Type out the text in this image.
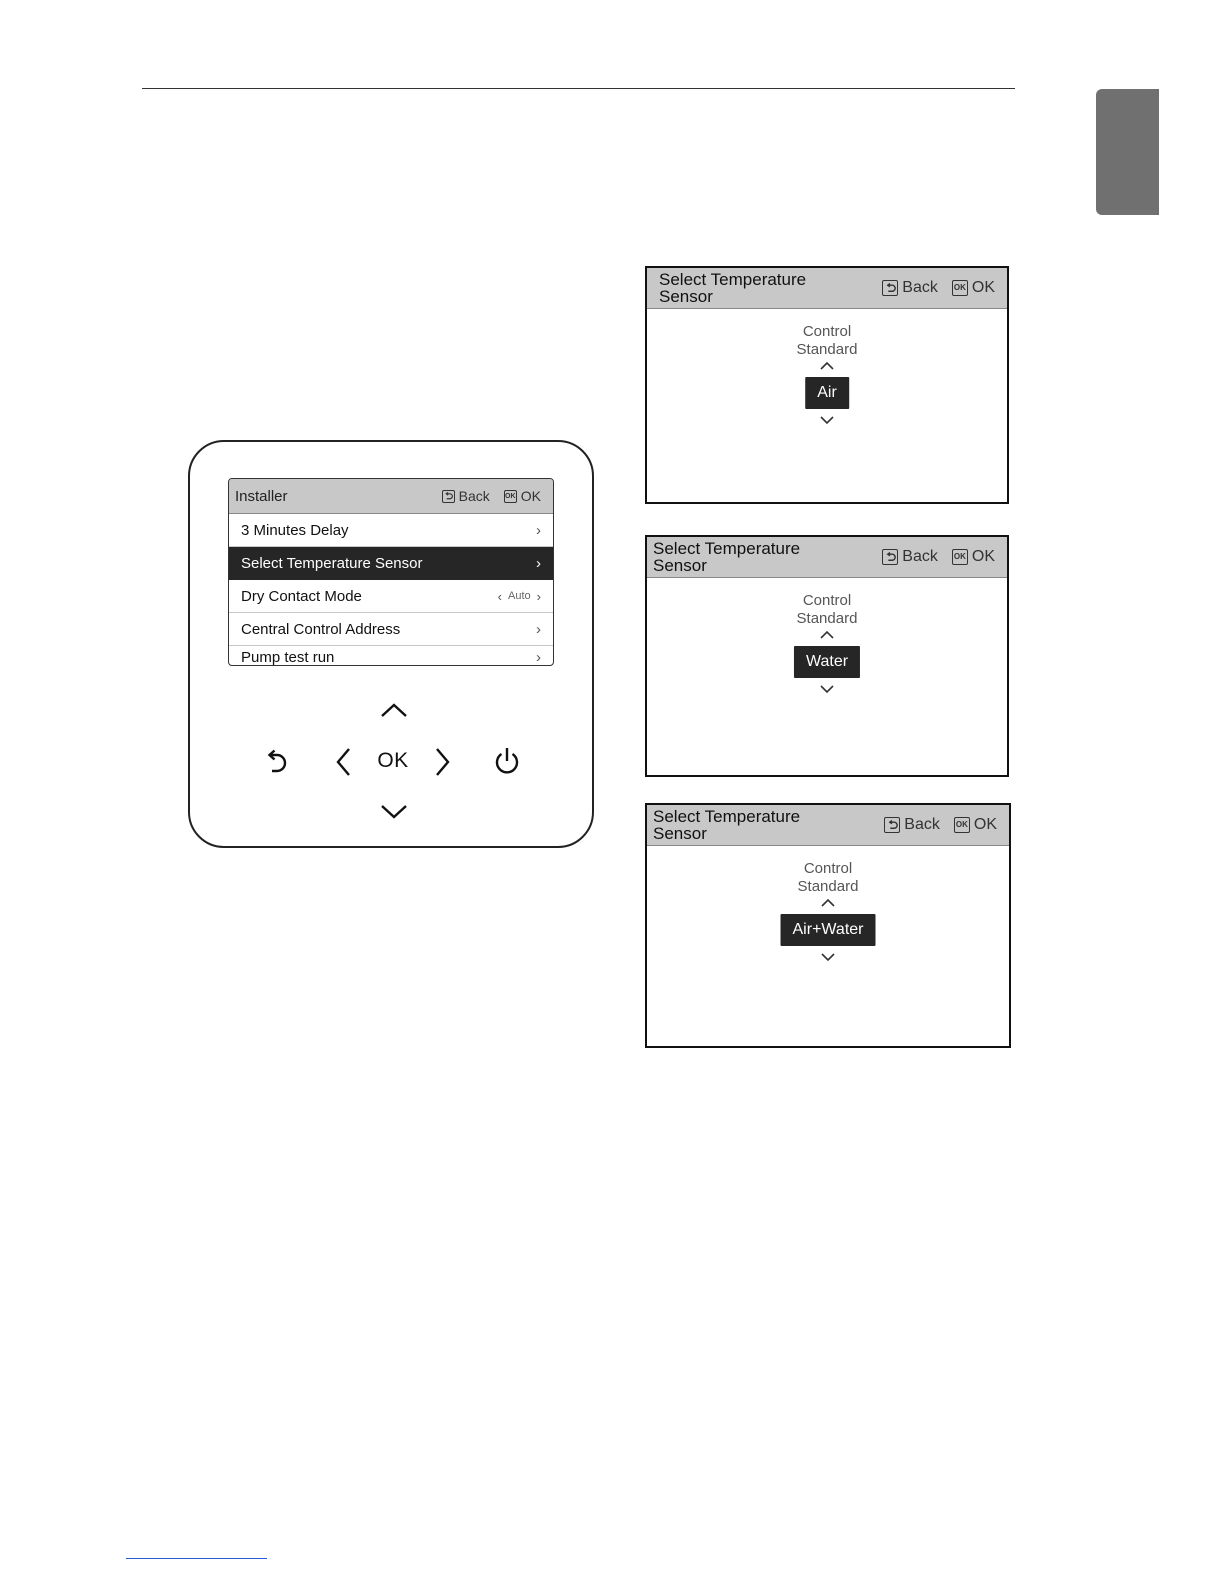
Installer	Back OK OK
3 Minutes Delay	›
Select Temperature Sensor	›
Dry Contact Mode	‹ Auto ›
Central Control Address	›
Pump test run	›
OK
Select Temperature
Sensor	Back OK OK
Control
Standard
Air
Select Temperature
Sensor	Back OK OK
Control
Standard
Water
Select Temperature
Sensor	Back OK OK
Control
Standard
Air+Water
